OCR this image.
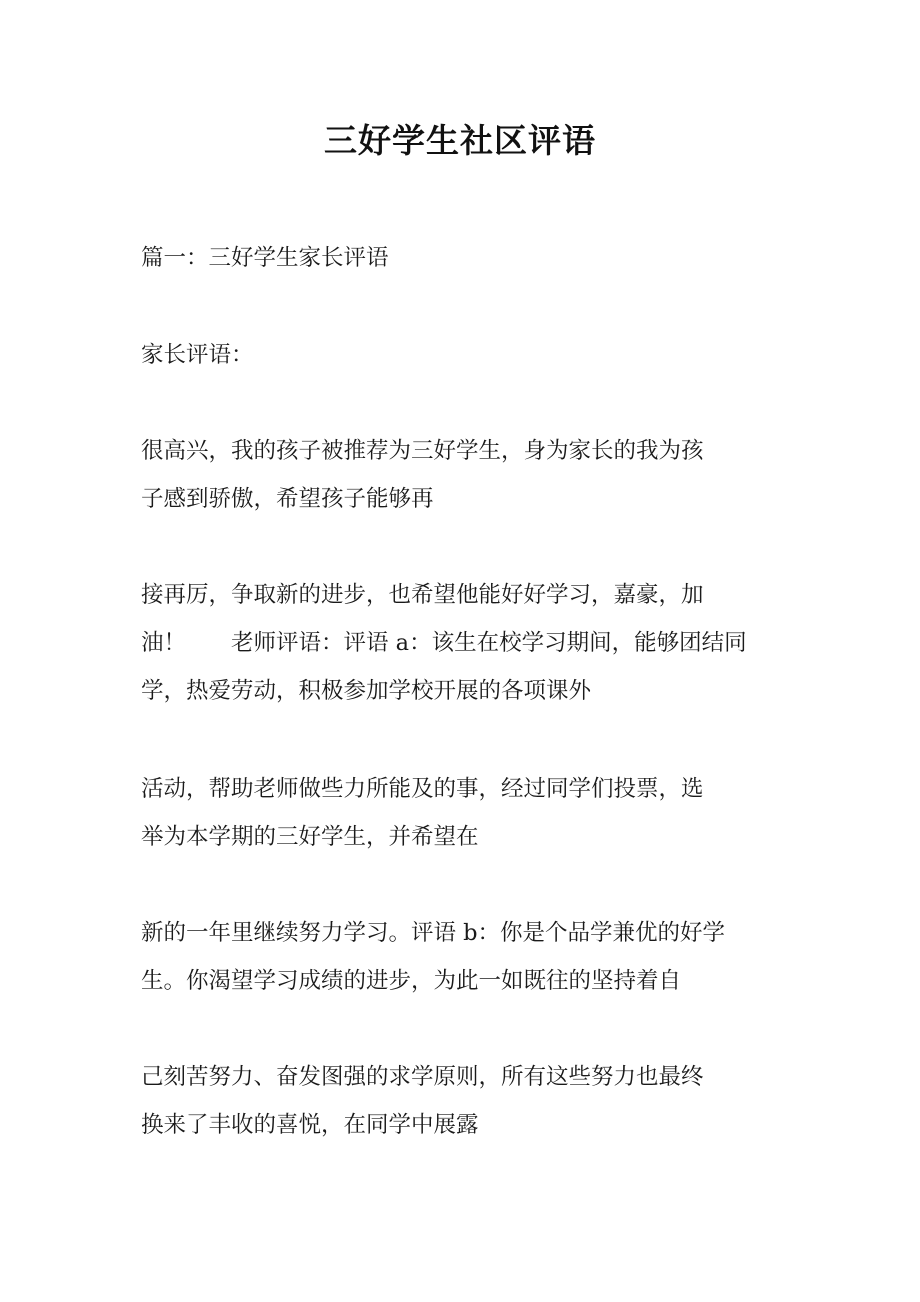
三好学生社区评语

篇一：三好学生家长评语

家长评语：

很高兴，我的孩子被推荐为三好学生，身为家长的我为孩
子感到骄傲，希望孩子能够再

接再厉，争取新的进步，也希望他能好好学习，嘉豪，加
油！　　老师评语：评语 a：该生在校学习期间，能够团结同
学，热爱劳动，积极参加学校开展的各项课外

活动，帮助老师做些力所能及的事，经过同学们投票，选
举为本学期的三好学生，并希望在

新的一年里继续努力学习。评语 b：你是个品学兼优的好学
生。你渴望学习成绩的进步，为此一如既往的坚持着自

己刻苦努力、奋发图强的求学原则，所有这些努力也最终
换来了丰收的喜悦，在同学中展露
